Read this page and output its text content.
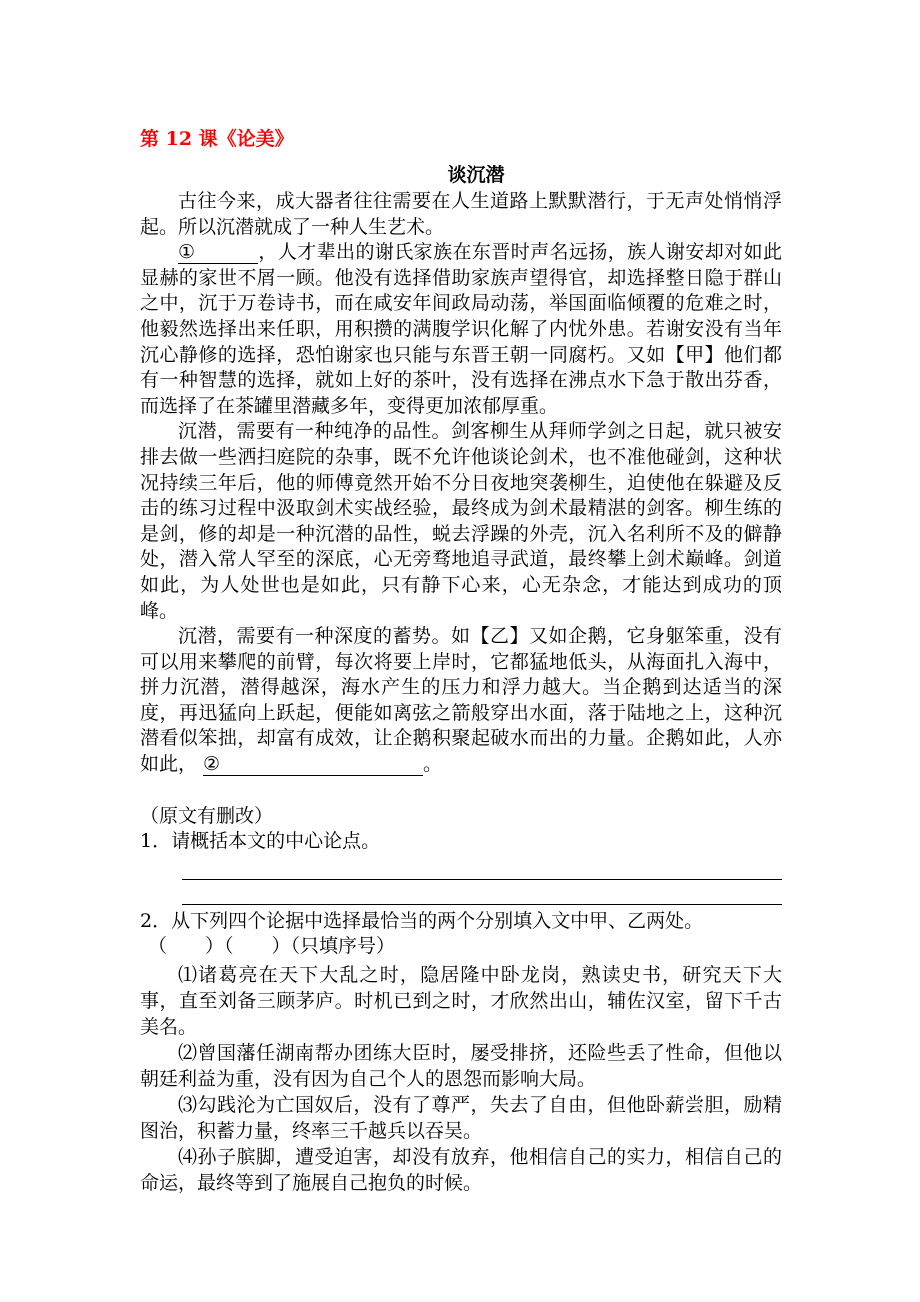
第 12 课《论美》

谈沉潜

古往今来，成大器者往往需要在人生道路上默默潜行，于无声处悄悄浮起。所以沉潜就成了一种人生艺术。

①	，人才辈出的谢氏家族在东晋时声名远扬，族人谢安却对如此显赫的家世不屑一顾。他没有选择借助家族声望得官，却选择整日隐于群山之中，沉于万卷诗书，而在咸安年间政局动荡，举国面临倾覆的危难之时，他毅然选择出来任职，用积攒的满腹学识化解了内忧外患。若谢安没有当年沉心静修的选择，恐怕谢家也只能与东晋王朝一同腐朽。又如【甲】他们都有一种智慧的选择，就如上好的茶叶，没有选择在沸点水下急于散出芬香，而选择了在茶罐里潜藏多年，变得更加浓郁厚重。

沉潜，需要有一种纯净的品性。剑客柳生从拜师学剑之日起，就只被安排去做一些洒扫庭院的杂事，既不允许他谈论剑术，也不准他碰剑，这种状况持续三年后，他的师傅竟然开始不分日夜地突袭柳生，迫使他在躲避及反击的练习过程中汲取剑术实战经验，最终成为剑术最精湛的剑客。柳生练的是剑，修的却是一种沉潜的品性，蜕去浮躁的外壳，沉入名利所不及的僻静处，潜入常人罕至的深底，心无旁骛地追寻武道，最终攀上剑术巅峰。剑道如此，为人处世也是如此，只有静下心来，心无杂念，才能达到成功的顶峰。

沉潜，需要有一种深度的蓄势。如【乙】又如企鹅，它身躯笨重，没有可以用来攀爬的前臂，每次将要上岸时，它都猛地低头，从海面扎入海中，拼力沉潜，潜得越深，海水产生的压力和浮力越大。当企鹅到达适当的深度，再迅猛向上跃起，便能如离弦之箭般穿出水面，落于陆地之上，这种沉潜看似笨拙，却富有成效，让企鹅积聚起破水而出的力量。企鹅如此，人亦如此， ②	。

（原文有删改）

1．请概括本文的中心论点。

2．从下列四个论据中选择最恰当的两个分别填入文中甲、乙两处。

（　　）（　　）（只填序号）

⑴诸葛亮在天下大乱之时，隐居隆中卧龙岗，熟读史书，研究天下大事，直至刘备三顾茅庐。时机已到之时，才欣然出山，辅佐汉室，留下千古美名。

⑵曾国藩任湖南帮办团练大臣时，屡受排挤，还险些丢了性命，但他以朝廷利益为重，没有因为自己个人的恩怨而影响大局。

⑶勾践沦为亡国奴后，没有了尊严，失去了自由，但他卧薪尝胆，励精图治，积蓄力量，终率三千越兵以吞吴。

⑷孙子膑脚，遭受迫害，却没有放弃，他相信自己的实力，相信自己的命运，最终等到了施展自己抱负的时候。
